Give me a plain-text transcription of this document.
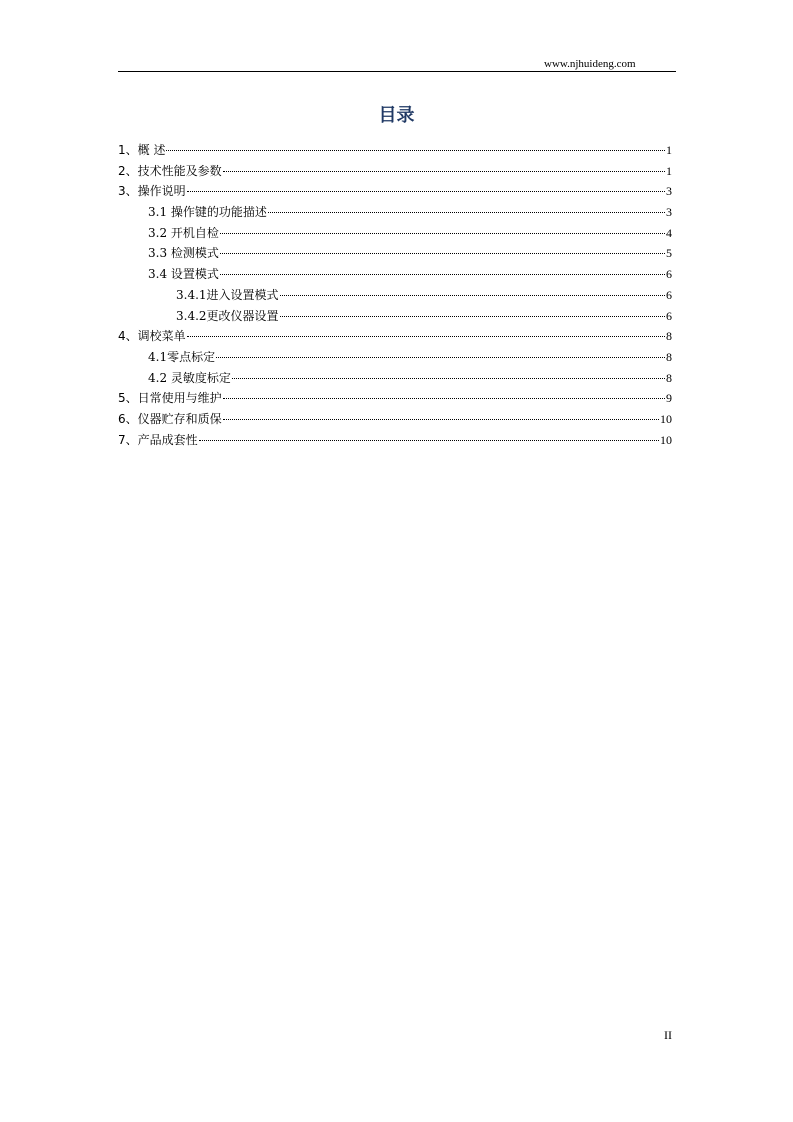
www.njhuideng.com
目录
1、概 述	1
2、技术性能及参数	1
3、操作说明	3
3.1 操作键的功能描述	3
3.2 开机自检	4
3.3 检测模式	5
3.4 设置模式	6
3.4.1进入设置模式	6
3.4.2更改仪器设置	6
4、调校菜单	8
4.1零点标定	8
4.2 灵敏度标定	8
5、日常使用与维护	9
6、仪器贮存和质保	10
7、产品成套性	10
II
